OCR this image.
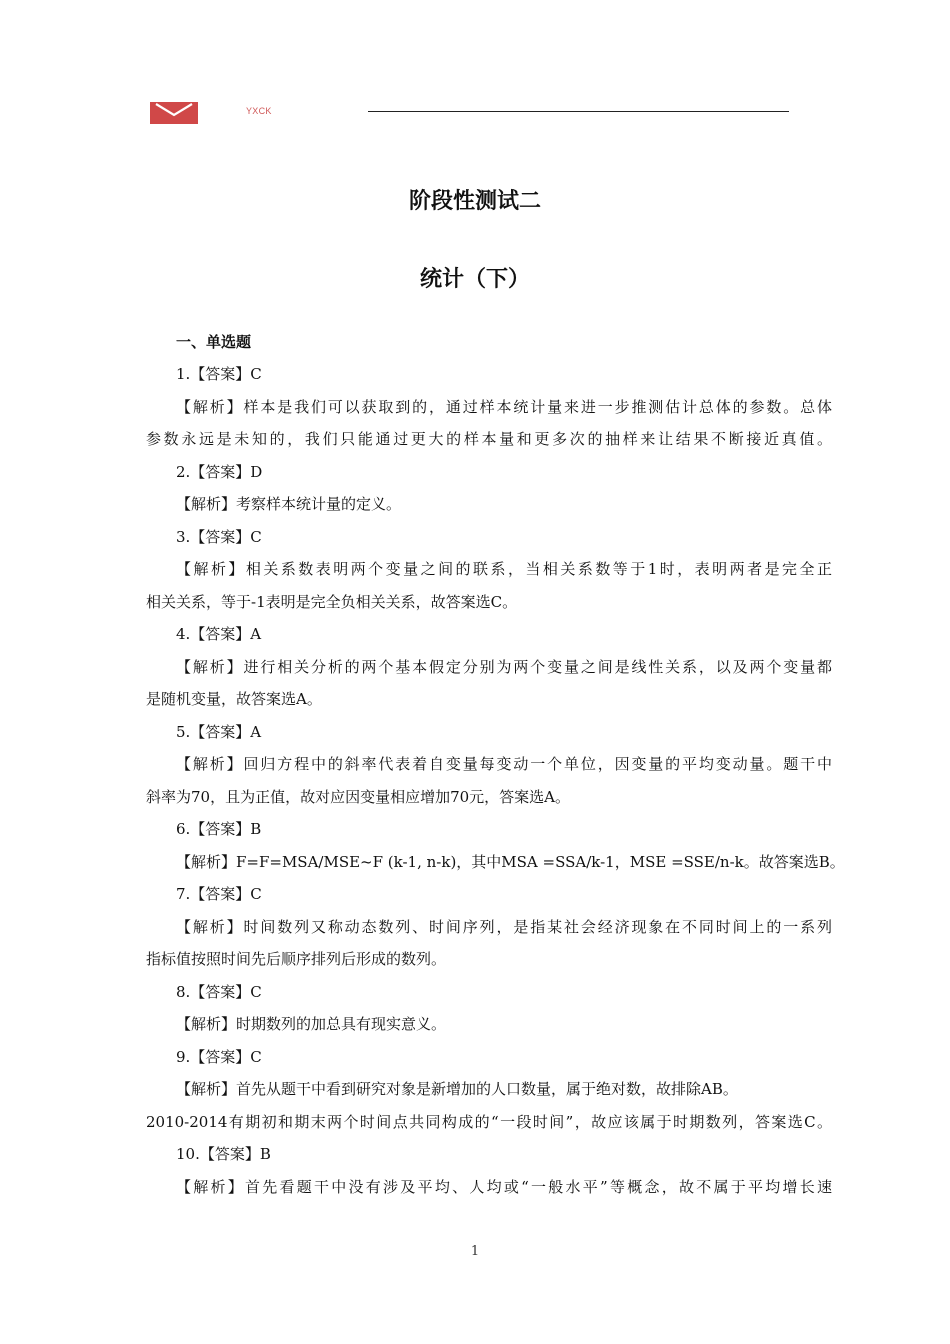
YXCK
阶段性测试二
统计（下）
一、单选题
1.【答案】C
【解析】样本是我们可以获取到的，通过样本统计量来进一步推测估计总体的参数。总体
参数永远是未知的，我们只能通过更大的样本量和更多次的抽样来让结果不断接近真值。
2.【答案】D
【解析】考察样本统计量的定义。
3.【答案】C
【解析】相关系数表明两个变量之间的联系，当相关系数等于1时，表明两者是完全正
相关关系，等于-1表明是完全负相关关系，故答案选C。
4.【答案】A
【解析】进行相关分析的两个基本假定分别为两个变量之间是线性关系，以及两个变量都
是随机变量，故答案选A。
5.【答案】A
【解析】回归方程中的斜率代表着自变量每变动一个单位，因变量的平均变动量。题干中
斜率为70，且为正值，故对应因变量相应增加70元，答案选A。
6.【答案】B
【解析】F=F=MSA/MSE~F (k-1, n-k)，其中MSA =SSA/k-1，MSE =SSE/n-k。故答案选B。
7.【答案】C
【解析】时间数列又称动态数列、时间序列，是指某社会经济现象在不同时间上的一系列
指标值按照时间先后顺序排列后形成的数列。
8.【答案】C
【解析】时期数列的加总具有现实意义。
9.【答案】C
【解析】首先从题干中看到研究对象是新增加的人口数量，属于绝对数，故排除AB。
2010-2014有期初和期末两个时间点共同构成的“一段时间”，故应该属于时期数列，答案选C。
10.【答案】B
【解析】首先看题干中没有涉及平均、人均或“一般水平”等概念，故不属于平均增长速
1
